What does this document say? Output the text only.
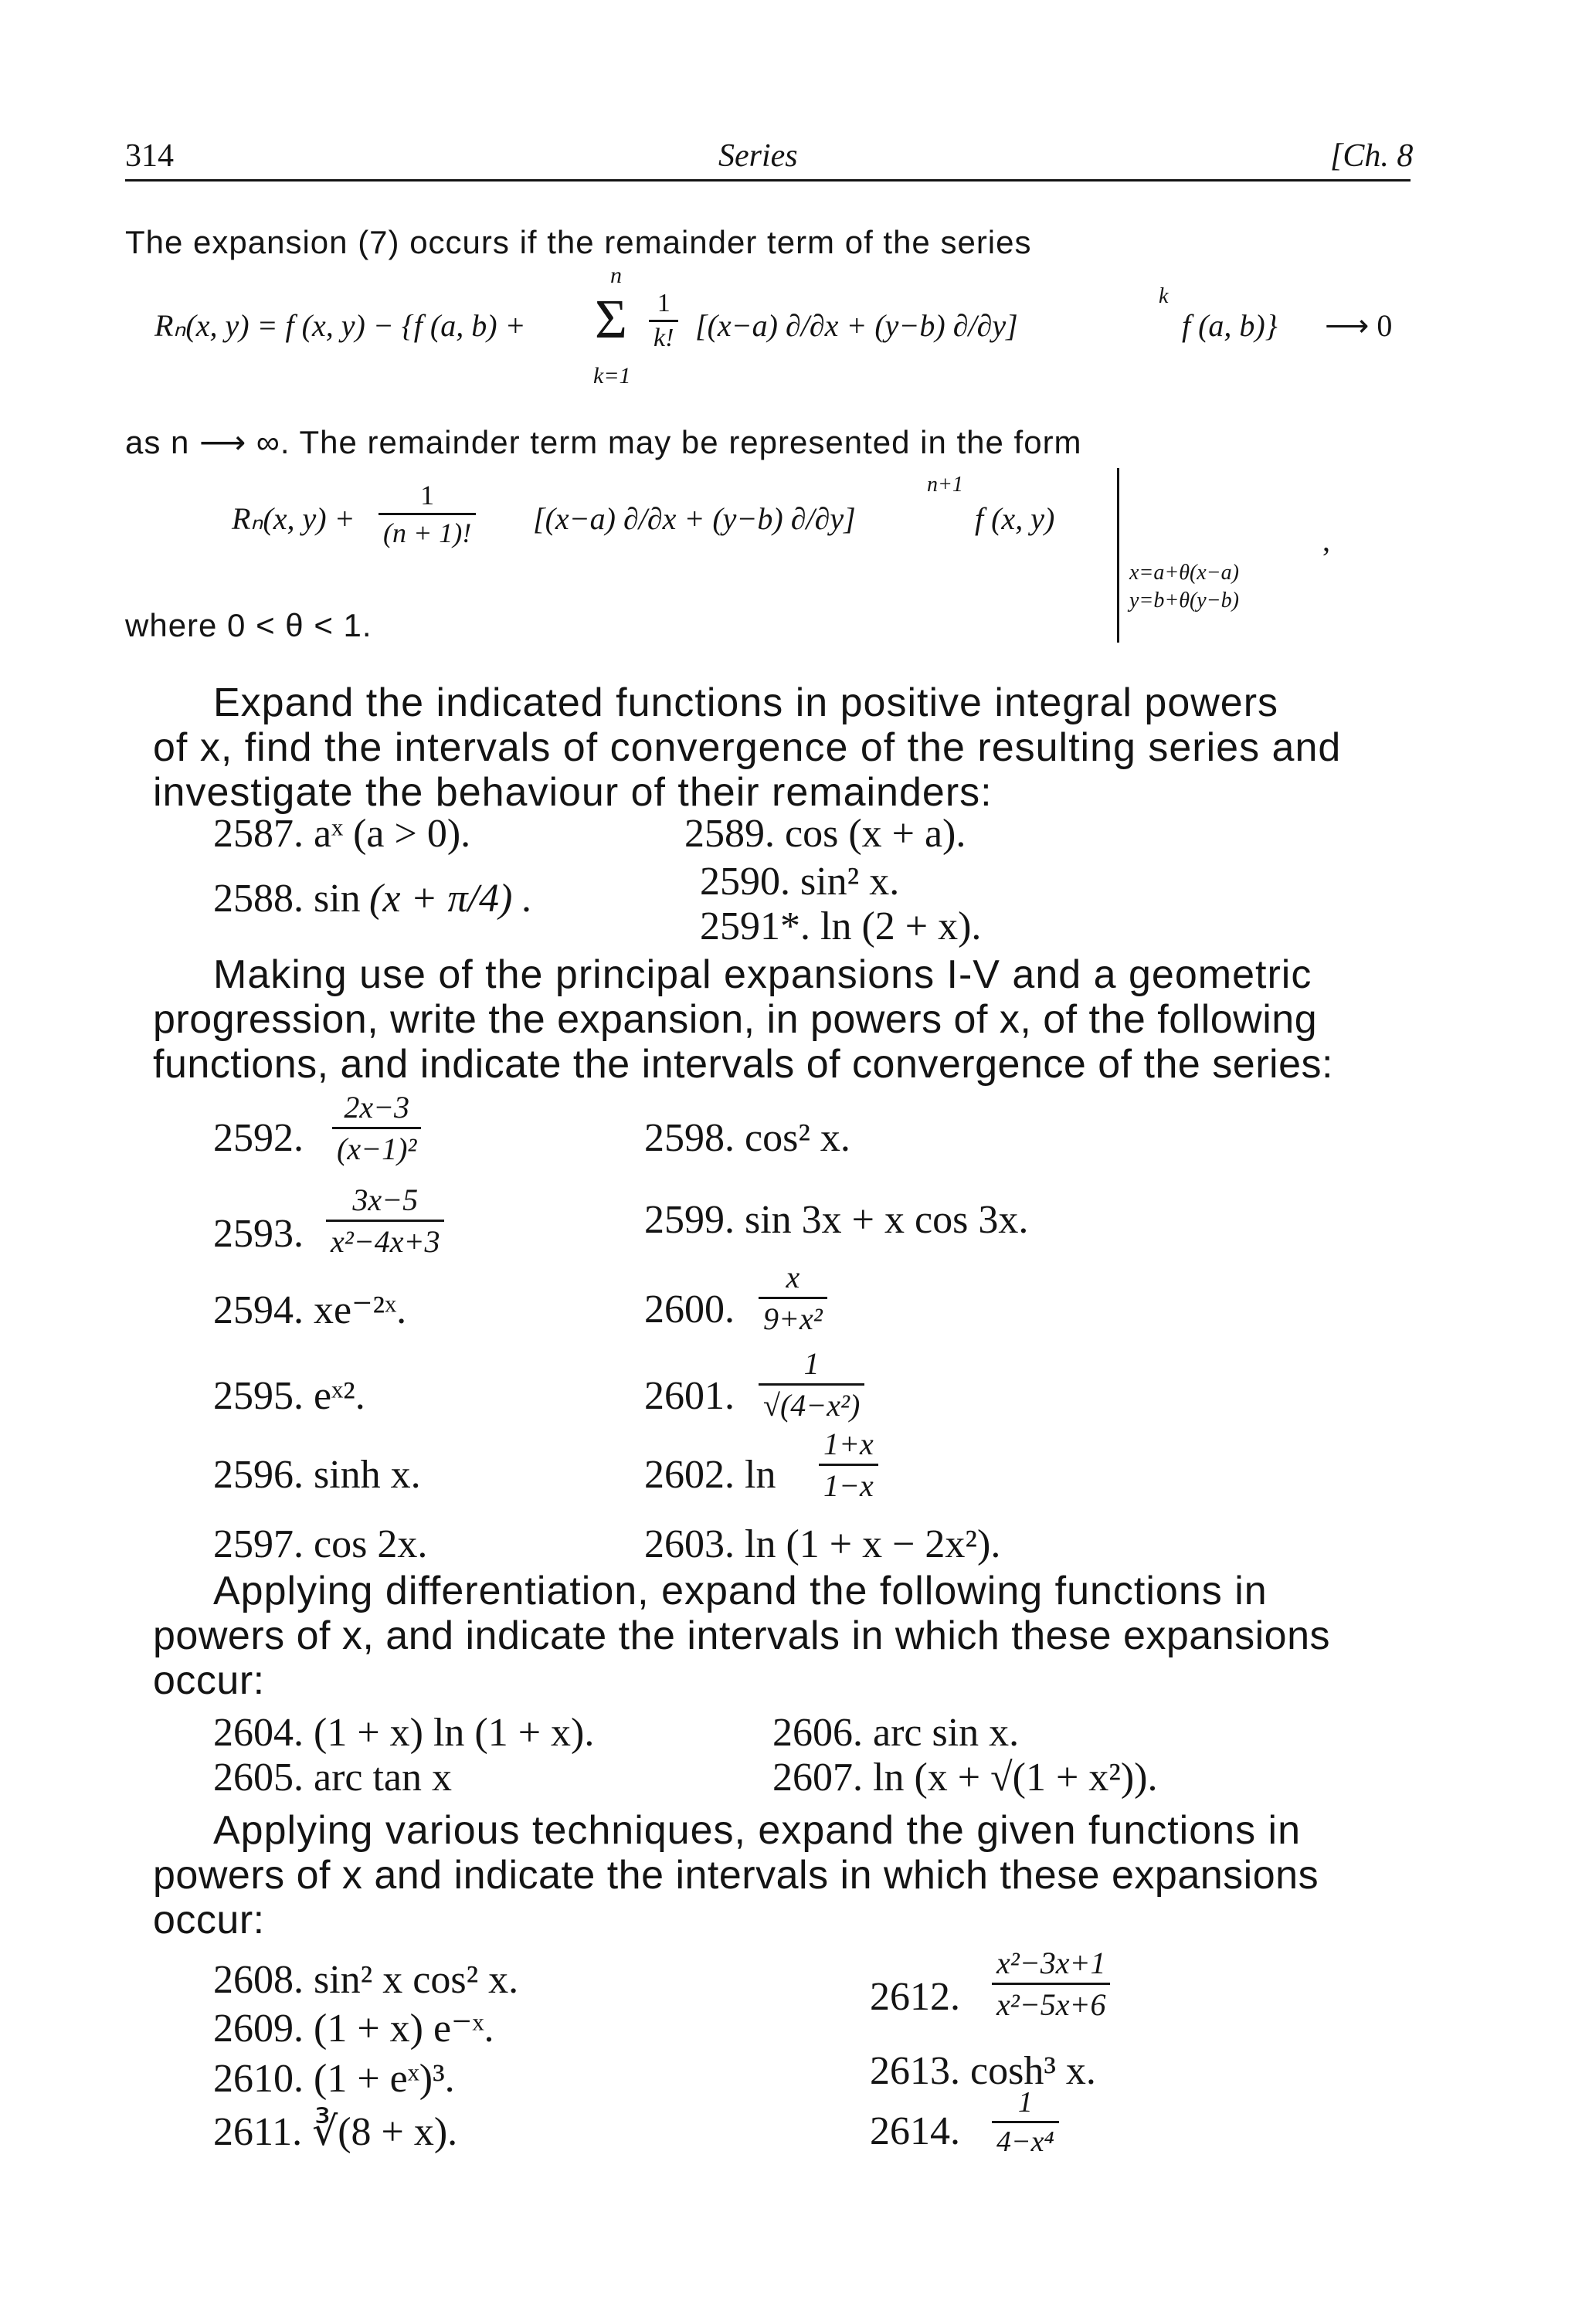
314	Series	[Ch. 8
The expansion (7) occurs if the remainder term of the series
Rₙ(x, y) = f (x, y) − {f (a, b) +
n
Σ
k=1
$\frac{1}{k!} [(x-a) \partial/\partial x + (y-b)$ ∂/∂y]
k
f (a, b)} ⟶ 0
as n ⟶ ∞. The remainder term may be represented in the form
Rₙ(x, $y) + \frac{1}{(n + 1)!} [(x-a) \partial/\partial x + (y-b)$ ∂/∂y]
n+1
f (x, y)
x=a+θ(x−a)
y=b+θ(y−b)
,
where 0 < θ < 1.
Expand the indicated functions in positive integral powers
of x, find the intervals of convergence of the resulting series and
investigate the behaviour of their remainders:
2587. aˣ (a > 0).
2588. sin (x + π/4) .
2589. cos (x + a).
2590. sin² x.
2591*. ln (2 + x).
Making use of the principal expansions I-V and a geometric
progression, write the expansion, in powers of x, of the following
functions, and indicate the intervals of convergence of the series:
2592. $\frac{2x-3}{\text{(x−1)²}}$
2593. $\frac{3x-5}{\text{x²−4x+3}}$
2594. xe⁻²ˣ.
2595. eˣ².
2596. sinh x.
2597. cos 2x.
2598. cos² x.
2599. sin 3x + x cos 3x.
2600. $\frac{x}{\text{9+x²}}$
2601. $\frac{1}{\text{√(4−x²)}}$
2602. $\ln \frac{1+x}{1-x}$
2603. ln (1 + x − 2x²).
Applying differentiation, expand the following functions in
powers of x, and indicate the intervals in which these expansions
occur:
2604. (1 + x) ln (1 + x).
2605. arc tan x
2606. arc sin x.
2607. ln (x + √(1 + x²)).
Applying various techniques, expand the given functions in
powers of x and indicate the intervals in which these expansions
occur:
2608. sin² x cos² x.
2609. (1 + x) e⁻ˣ.
2610. (1 + eˣ)³.
2611. ∛(8 + x).
2612. $\frac{\text{x²−3x+1}}{\text{x²−5x+6}}$
2613. cosh³ x.
2614. $\frac{1}{\text{4−x⁴}}$
